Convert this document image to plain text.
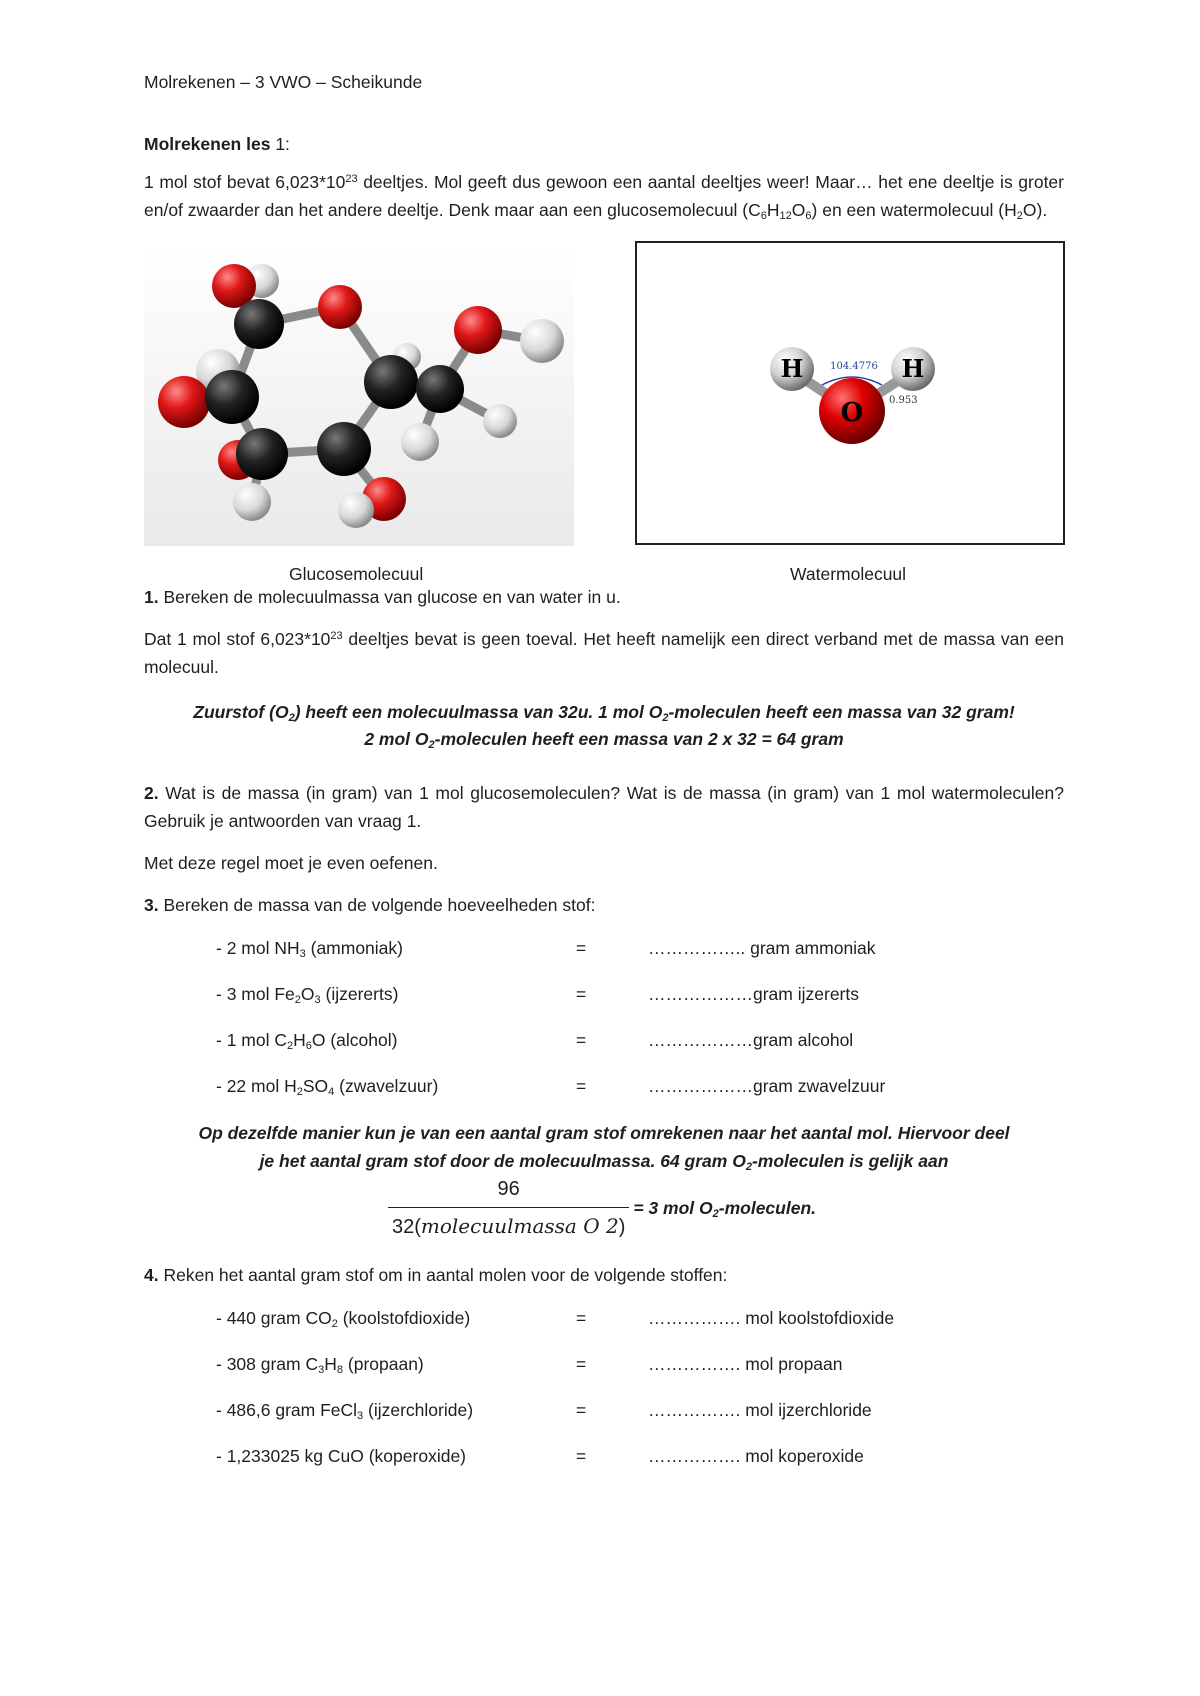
Molrekenen – 3 VWO – Scheikunde
Molrekenen les 1:

1 mol stof bevat $6,023*10^{23}$ deeltjes. Mol geeft dus gewoon een aantal deeltjes weer! Maar… het ene deeltje is groter en/of zwaarder dan het andere deeltje. Denk maar aan een glucosemolecuul $(C_6H_{12}O_6)$ en een watermolecuul $(H_2O)$.

H	H
O
104.4776
0.953
Glucosemolecuul	Watermolecuul

1. Bereken de molecuulmassa van glucose en van water in u.

Dat 1 mol stof $6,023*10^{23}$ deeltjes bevat is geen toeval. Het heeft namelijk een direct verband met de massa van een molecuul.

Zuurstof $(O_2)$ heeft een molecuulmassa van 32u. 1 mol $O_2$-moleculen heeft een massa van 32 gram!
2 mol $O_2$-moleculen heeft een massa van 2 x 32 = 64 gram

2. Wat is de massa (in gram) van 1 mol glucosemoleculen? Wat is de massa (in gram) van 1 mol watermoleculen? Gebruik je antwoorden van vraag 1.

Met deze regel moet je even oefenen.

3. Bereken de massa van de volgende hoeveelheden stof:

- 2 mol $NH_3$ (ammoniak)	=	…………….. gram ammoniak
- 3 mol $Fe_2O_3$ (ijzererts)	=	………………gram ijzererts
- 1 mol $C_2H_6O$ (alcohol)	=	………………gram alcohol
- 22 mol $H_2SO_4$ (zwavelzuur)	=	………………gram zwavelzuur
Op dezelfde manier kun je van een aantal gram stof omrekenen naar het aantal mol. Hiervoor deel
je het aantal gram stof door de molecuulmassa. 64 gram $O_2$-moleculen is gelijk aan
$\frac{96}{\text{32(molecuulmassa O 2)}} = 3$ mol $O_2$-moleculen.

4. Reken het aantal gram stof om in aantal molen voor de volgende stoffen:

- 440 gram $CO_2$ (koolstofdioxide)	=	……………. mol koolstofdioxide
- 308 gram $C_3H_8$ (propaan)	=	……………. mol propaan
- 486,6 gram FeCl$_3$ (ijzerchloride)	=	……………. mol ijzerchloride
- 1,233025 kg CuO (koperoxide)	=	……………. mol koperoxide
